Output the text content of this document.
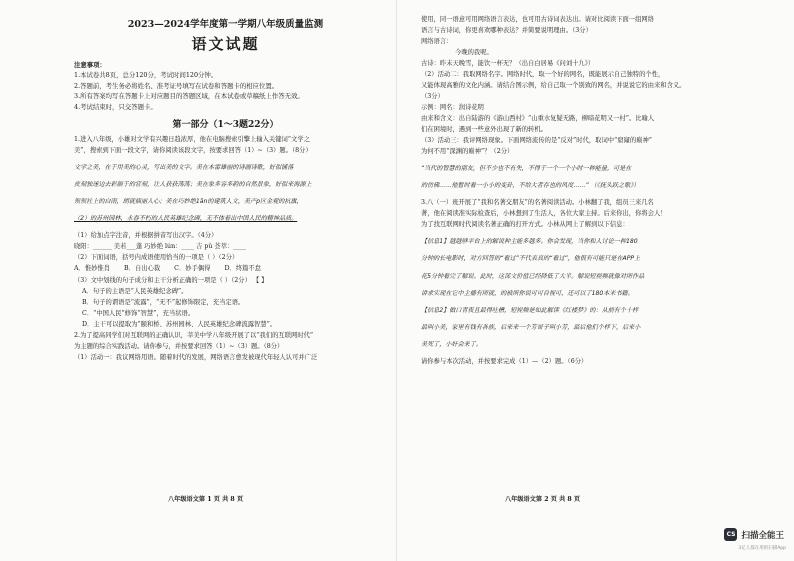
2023—2024学年度第一学期八年级质量监测

语文试题

注意事项：
1.本试卷共8页，总分120分，考试时间120分钟。
2.答题前，考生务必将姓名、准考证号填写在试卷和答题卡的相应位置。
3.所有答案均写在答题卡上对应题目的答题区域，在本试卷或草稿纸上作答无效。
4.考试结束时，只交答题卡。
第一部分（1～3题22分）

1.进入八年级，小雄对文学有兴趣日趋浓厚，他在电脑搜索引擎上输入关键词“文学之

美”，搜索到下面一段文字，请你阅读该段文字，按要求回答（1）~（3）题。（8分）

文学之美，在于用美的心灵，写出美的文字。美在本雷雄丽的诗画诗歌，好似铺落

皮刻独迷边去彩颜于的官刻，让人获获荡荡；美在象多容多韵的自然景象，好似来海源上

领领社上的白雨，朗就插丽人心；美在巧妙绝1ān的建筑人文，美产p区金观的抗旗，

（2）的苏州园林，永春不朽的人民英雄纪念碑，无不体着出中国人民的精神品质。

（1）给加点字注音，并根据拼音写出汉字。（4分）

晓阳：______ 美若___蓬 巧妙绝 lún：____ 吉 pǔ 荟萃：____

（2）下面词语，括号内成语使用恰当的一项是（ ）（2分）

A．惟妙惟肖 B．自出心裁 C．妙手偶得 D．终篇不怠

（3）文中划线的句子成分和主干分析正确的一项是（ ）（2分） 【 】

A．句子的主语是“人民英雄纪念碑”。

B．句子的谓语是“流露”，“无不”起修饰限定，充当定语。

C．“中国人民”修饰“智慧”，充当状语。

D．主干可以提取为“颐和桥、苏州园林、人民英雄纪念碑流露智慧”。

2.为了提高同学们对互联网的正确认识，莘美中学八年级开展了以“我们的互联网时代”

为主题的综合实践活动。请你参与，并按要求回答（1）~（3）题。（8分）

（1）活动一：我议网络用语。随着时代的发展，网络语言愈发被现代年轻人认可并广泛

八年级语文第 1 页 共 8 页

使用，同一语意可用网络语言表达，也可用古诗词表达出。请对比阅读下面一组网络

语言与古诗词，你更喜欢哪种表达？并简要说明理由。（3分）

网络语言：

今晚的我呢。

古诗：昨未天晚雪，能饮一杯无？（出自白居易《问刘十九》）

（2）活动二：我取网络名字。网络时代，取一个好的网名，既能展示自己独特的个性，

又能体现高雅的文化内涵。请结合图示例，给自己取一个别致的网名，并说说它的由来和含义。

（3分）

示例：网名：润诗花明

由来和含义：出自陆游的《游山西村》“山重水复疑无路，柳暗花明又一村”。比喻人

们在困境时，遇到一些意外出现了新的转机。

（3）活动三：我评网络现象。下面网络流传的是“反对”时代，取词中“窟窿的巅神”

为何不用“深渊的巅神”？（2分）

“当代的智慧的朋友，但不少也不有失，不得于一个一个小时一种能量，可是在

的仿佛……他暂时看一小小的变卦，不给大者存也的风度……” （《抚头跃之歌》）

3.八（一）班开展了“我和名著交朋友”的名著阅读活动。小林翻了我，组员三来几名

著，他在阅读准实际检查后，小林想到了生活人，各位大家主持。后来你出，你将会人！

为了找互联网时代阅读名著正确的打开方式。小林从网上了解到以下信息：

【信息1】越越够平台上的解说种主能多越多。你会发现，当你和人讨论一种180

分钟的长电影时，对方回答的“看过”不代表真的“看过”，他很有可能只是在APP上

花5分钟看完了解说。此时，这部文价值已经降低了大半。解说短视频就像对所作品

讲求实现在它中主播有所就，的被所你说可可自视可，还可以了180本米书籍。

【信息2】做口青夜且最得吐槽，短视频是如此解读《红楼梦》的：从前有个十样

最叫小美，家里有钱有各族，后来来一个芳哥子叫小芳，最后他们个样下，后来小

美死了，小奸会来了。

请你参与本次活动，并按要求完成（1）—（2）题。（6分）

八年级语文第 2 页 共 8 页
CS 扫描全能王
3亿人都在用的扫描App
